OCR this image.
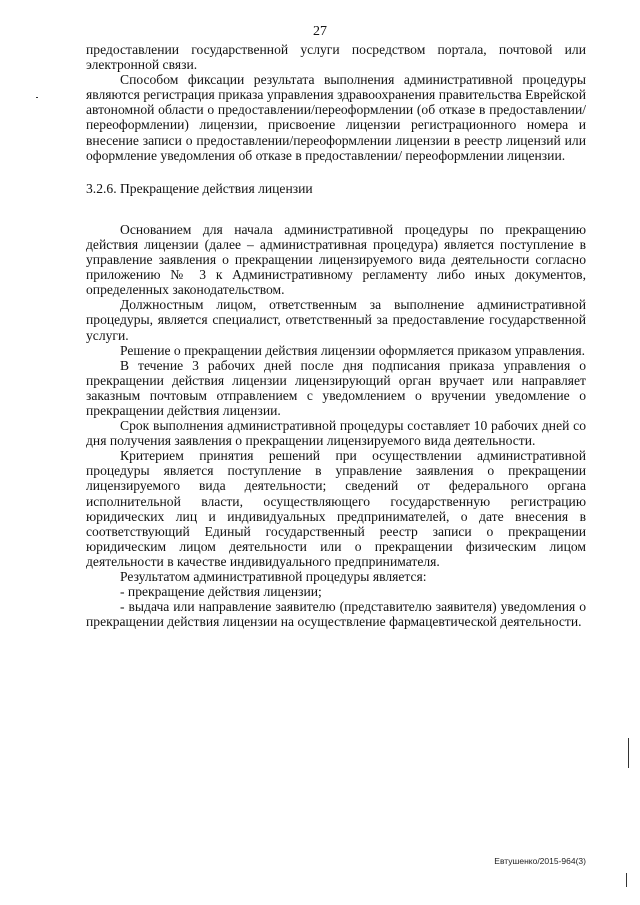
27

предоставлении государственной услуги посредством портала, почтовой или электронной связи.

Способом фиксации результата выполнения административной процедуры являются регистрация приказа управления здравоохранения правительства Еврейской автономной области о предоставлении/переоформлении (об отказе в предоставлении/ переоформлении) лицензии, присвоение лицензии регистрационного номера и внесение записи о предоставлении/переоформлении лицензии в реестр лицензий или оформление уведомления об отказе в предоставлении/ переоформлении лицензии.

3.2.6. Прекращение действия лицензии

Основанием для начала административной процедуры по прекращению действия лицензии (далее – административная процедура) является поступление в управление заявления о прекращении лицензируемого вида деятельности согласно приложению № 3 к Административному регламенту либо иных документов, определенных законодательством.

Должностным лицом, ответственным за выполнение административной процедуры, является специалист, ответственный за предоставление государственной услуги.

Решение о прекращении действия лицензии оформляется приказом управления.

В течение 3 рабочих дней после дня подписания приказа управления о прекращении действия лицензии лицензирующий орган вручает или направляет заказным почтовым отправлением с уведомлением о вручении уведомление о прекращении действия лицензии.

Срок выполнения административной процедуры составляет 10 рабочих дней со дня получения заявления о прекращении лицензируемого вида деятельности.

Критерием принятия решений при осуществлении административной процедуры является поступление в управление заявления о прекращении лицензируемого вида деятельности; сведений от федерального органа исполнительной власти, осуществляющего государственную регистрацию юридических лиц и индивидуальных предпринимателей, о дате внесения в соответствующий Единый государственный реестр записи о прекращении юридическим лицом деятельности или о прекращении физическим лицом деятельности в качестве индивидуального предпринимателя.

Результатом административной процедуры является:

- прекращение действия лицензии;

- выдача или направление заявителю (представителю заявителя) уведомления о прекращении действия лицензии на осуществление фармацевтической деятельности.

Евтушенко/2015-964(3)
